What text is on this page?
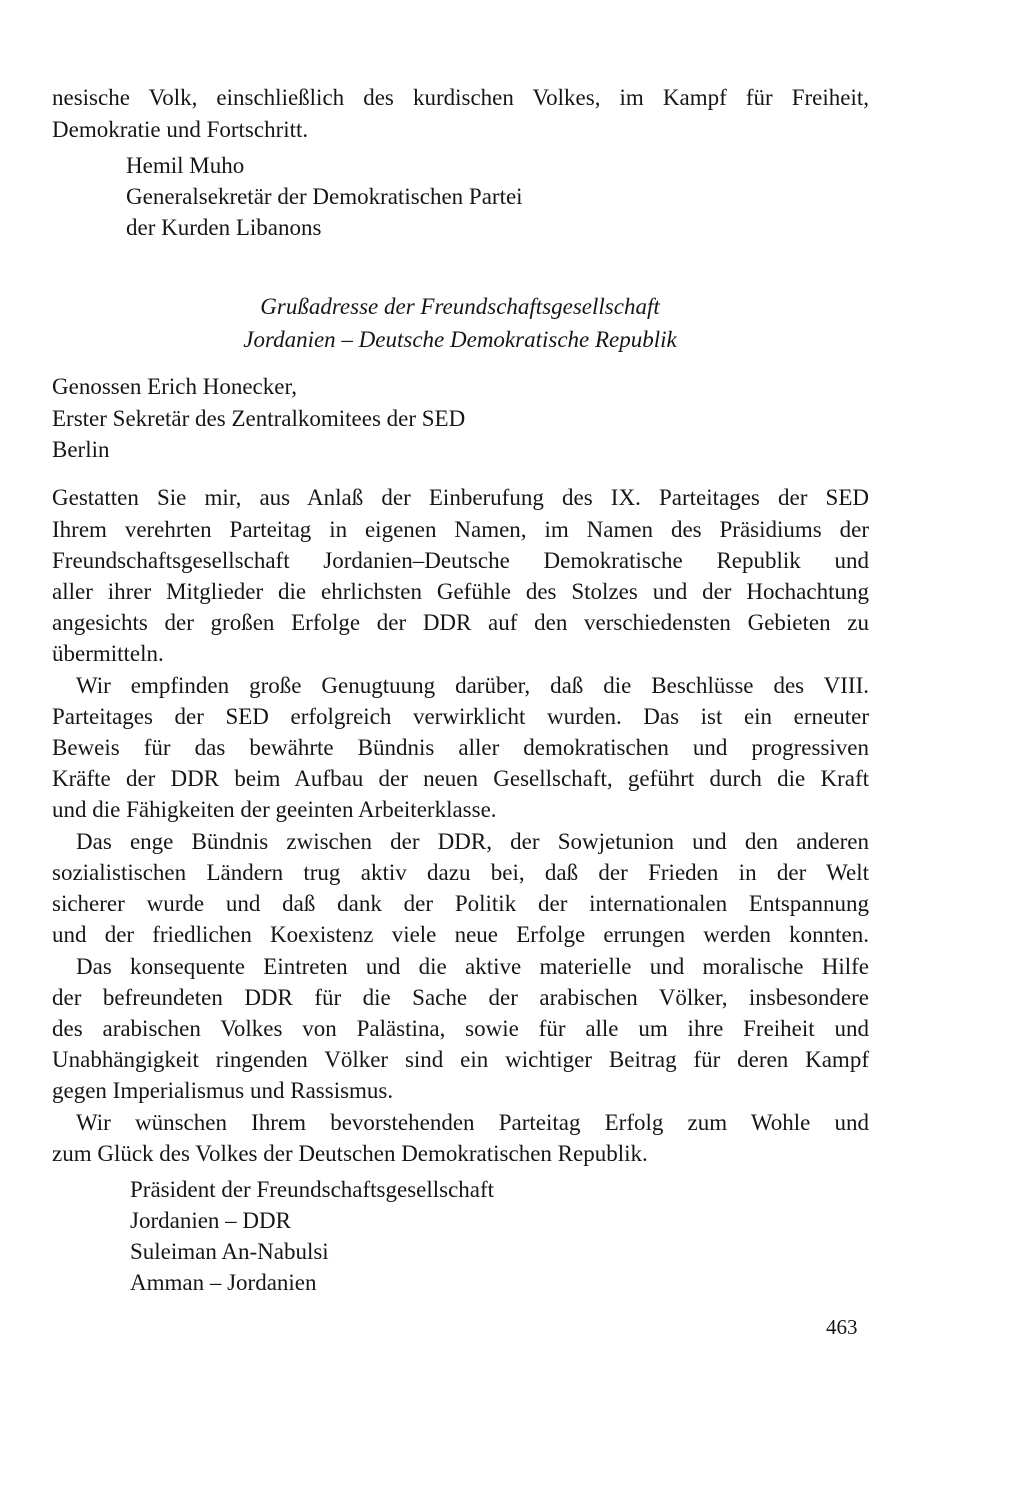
nesische Volk, einschließlich des kurdischen Volkes, im Kampf für Freiheit,
Demokratie und Fortschritt.
Hemil Muho
Generalsekretär der Demokratischen Partei
der Kurden Libanons
Grußadresse der Freundschaftsgesellschaft
Jordanien – Deutsche Demokratische Republik
Genossen Erich Honecker,
Erster Sekretär des Zentralkomitees der SED
Berlin
Gestatten Sie mir, aus Anlaß der Einberufung des IX. Parteitages der SED
Ihrem verehrten Parteitag in eigenen Namen, im Namen des Präsidiums der
Freundschaftsgesellschaft Jordanien–Deutsche Demokratische Republik und
aller ihrer Mitglieder die ehrlichsten Gefühle des Stolzes und der Hochachtung
angesichts der großen Erfolge der DDR auf den verschiedensten Gebieten zu
übermitteln.
Wir empfinden große Genugtuung darüber, daß die Beschlüsse des VIII.
Parteitages der SED erfolgreich verwirklicht wurden. Das ist ein erneuter
Beweis für das bewährte Bündnis aller demokratischen und progressiven
Kräfte der DDR beim Aufbau der neuen Gesellschaft, geführt durch die Kraft
und die Fähigkeiten der geeinten Arbeiterklasse.
Das enge Bündnis zwischen der DDR, der Sowjetunion und den anderen
sozialistischen Ländern trug aktiv dazu bei, daß der Frieden in der Welt
sicherer wurde und daß dank der Politik der internationalen Entspannung
und der friedlichen Koexistenz viele neue Erfolge errungen werden konnten.
Das konsequente Eintreten und die aktive materielle und moralische Hilfe
der befreundeten DDR für die Sache der arabischen Völker, insbesondere
des arabischen Volkes von Palästina, sowie für alle um ihre Freiheit und
Unabhängigkeit ringenden Völker sind ein wichtiger Beitrag für deren Kampf
gegen Imperialismus und Rassismus.
Wir wünschen Ihrem bevorstehenden Parteitag Erfolg zum Wohle und
zum Glück des Volkes der Deutschen Demokratischen Republik.
Präsident der Freundschaftsgesellschaft
Jordanien – DDR
Suleiman An-Nabulsi
Amman – Jordanien
463
